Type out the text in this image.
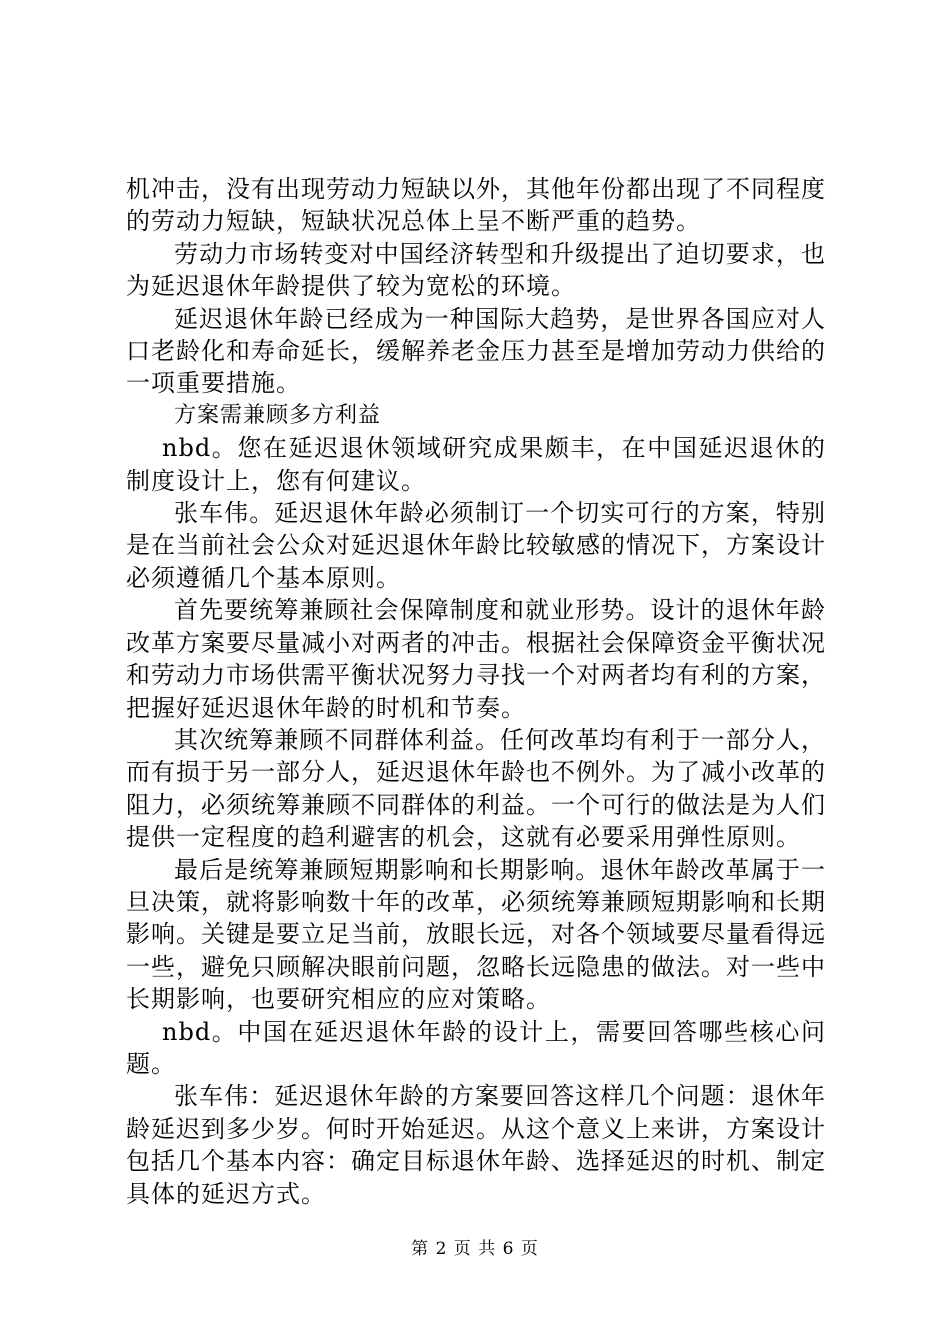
机冲击，没有出现劳动力短缺以外，其他年份都出现了不同程度的劳动力短缺，短缺状况总体上呈不断严重的趋势。

劳动力市场转变对中国经济转型和升级提出了迫切要求，也为延迟退休年龄提供了较为宽松的环境。

延迟退休年龄已经成为一种国际大趋势，是世界各国应对人口老龄化和寿命延长，缓解养老金压力甚至是增加劳动力供给的一项重要措施。

方案需兼顾多方利益

nbd。您在延迟退休领域研究成果颇丰，在中国延迟退休的制度设计上，您有何建议。

张车伟。延迟退休年龄必须制订一个切实可行的方案，特别是在当前社会公众对延迟退休年龄比较敏感的情况下，方案设计必须遵循几个基本原则。

首先要统筹兼顾社会保障制度和就业形势。设计的退休年龄改革方案要尽量减小对两者的冲击。根据社会保障资金平衡状况和劳动力市场供需平衡状况努力寻找一个对两者均有利的方案，把握好延迟退休年龄的时机和节奏。

其次统筹兼顾不同群体利益。任何改革均有利于一部分人，而有损于另一部分人，延迟退休年龄也不例外。为了减小改革的阻力，必须统筹兼顾不同群体的利益。一个可行的做法是为人们提供一定程度的趋利避害的机会，这就有必要采用弹性原则。

最后是统筹兼顾短期影响和长期影响。退休年龄改革属于一旦决策，就将影响数十年的改革，必须统筹兼顾短期影响和长期影响。关键是要立足当前，放眼长远，对各个领域要尽量看得远一些，避免只顾解决眼前问题，忽略长远隐患的做法。对一些中长期影响，也要研究相应的应对策略。

nbd。中国在延迟退休年龄的设计上，需要回答哪些核心问题。

张车伟：延迟退休年龄的方案要回答这样几个问题：退休年龄延迟到多少岁。何时开始延迟。从这个意义上来讲，方案设计包括几个基本内容：确定目标退休年龄、选择延迟的时机、制定具体的延迟方式。

第 2 页 共 6 页
